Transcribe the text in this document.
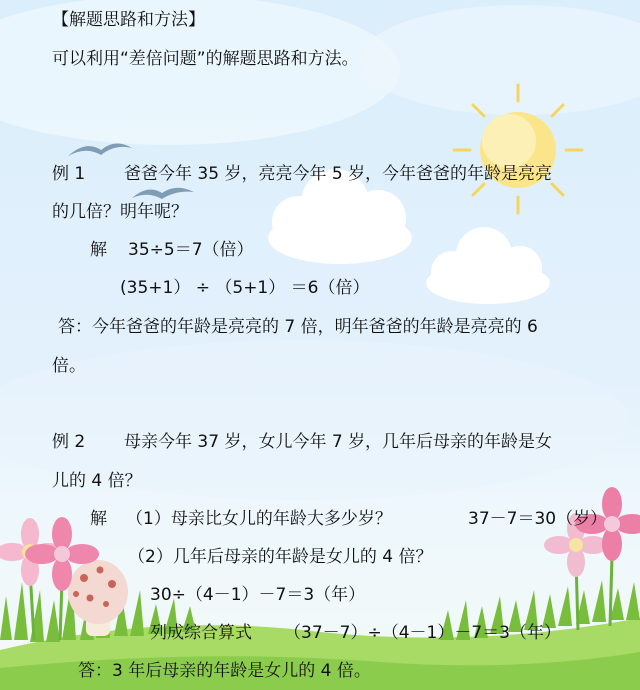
【解题思路和方法】
可以利用“差倍问题”的解题思路和方法。
例 1 爸爸今年 35 岁，亮亮今年 5 岁，今年爸爸的年龄是亮亮
的几倍？明年呢？
解 35÷5＝7（倍）
(35+1） ÷ （5+1） ＝6（倍）
答：今年爸爸的年龄是亮亮的 7 倍，明年爸爸的年龄是亮亮的 6
倍。
例 2 母亲今年 37 岁，女儿今年 7 岁，几年后母亲的年龄是女
儿的 4 倍？
解 （1）母亲比女儿的年龄大多少岁？	37－7＝30（岁）
（2）几年后母亲的年龄是女儿的 4 倍？
30÷（4－1）－7＝3（年）
列成综合算式 （37－7）÷（4－1）－7＝3（年）
答：3 年后母亲的年龄是女儿的 4 倍。
